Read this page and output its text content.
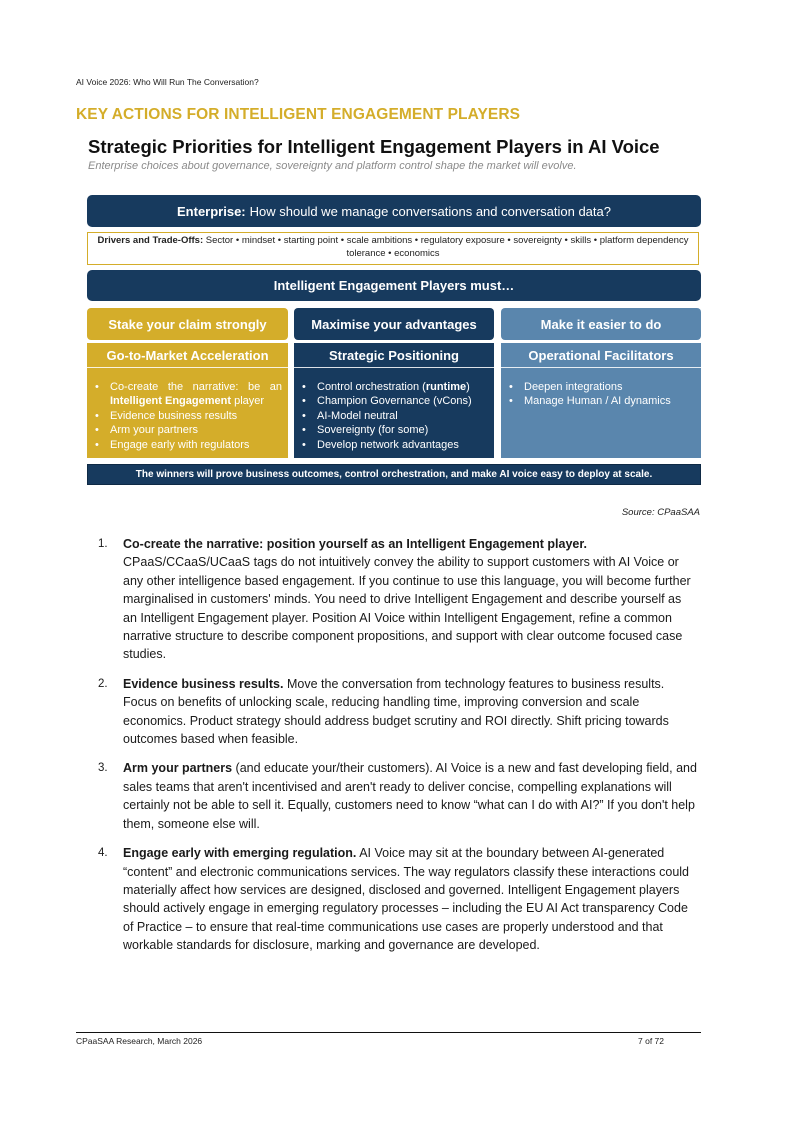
AI Voice 2026: Who Will Run The Conversation?
KEY ACTIONS FOR INTELLIGENT ENGAGEMENT PLAYERS
Strategic Priorities for Intelligent Engagement Players in AI Voice
Enterprise choices about governance, sovereignty and platform control shape the market will evolve.
Enterprise: How should we manage conversations and conversation data?
Drivers and Trade-Offs: Sector • mindset • starting point • scale ambitions • regulatory exposure • sovereignty • skills • platform dependency tolerance • economics
Intelligent Engagement Players must…
Stake your claim strongly
Go-to-Market Acceleration
• Co-create the narrative: be an Intelligent Engagement player
• Evidence business results
• Arm your partners
• Engage early with regulators
Maximise your advantages
Strategic Positioning
• Control orchestration (runtime)
• Champion Governance (vCons)
• AI-Model neutral
• Sovereignty (for some)
• Develop network advantages
Make it easier to do
Operational Facilitators
• Deepen integrations
• Manage Human / AI dynamics
The winners will prove business outcomes, control orchestration, and make AI voice easy to deploy at scale.
Source: CPaaSAA
1. Co-create the narrative: position yourself as an Intelligent Engagement player.
CPaaS/CCaaS/UCaaS tags do not intuitively convey the ability to support customers with AI Voice or any other intelligence based engagement. If you continue to use this language, you will become further marginalised in customers' minds. You need to drive Intelligent Engagement and describe yourself as an Intelligent Engagement player. Position AI Voice within Intelligent Engagement, refine a common narrative structure to describe component propositions, and support with clear outcome focused case studies.
2. Evidence business results. Move the conversation from technology features to business results. Focus on benefits of unlocking scale, reducing handling time, improving conversion and scale economics. Product strategy should address budget scrutiny and ROI directly. Shift pricing towards outcomes based when feasible.
3. Arm your partners (and educate your/their customers). AI Voice is a new and fast developing field, and sales teams that aren't incentivised and aren't ready to deliver concise, compelling explanations will certainly not be able to sell it. Equally, customers need to know “what can I do with AI?” If you don't help them, someone else will.
4. Engage early with emerging regulation. AI Voice may sit at the boundary between AI-generated “content” and electronic communications services. The way regulators classify these interactions could materially affect how services are designed, disclosed and governed. Intelligent Engagement players should actively engage in emerging regulatory processes – including the EU AI Act transparency Code of Practice – to ensure that real-time communications use cases are properly understood and that workable standards for disclosure, marking and governance are developed.
CPaaSAA Research, March 2026	7 of 72
